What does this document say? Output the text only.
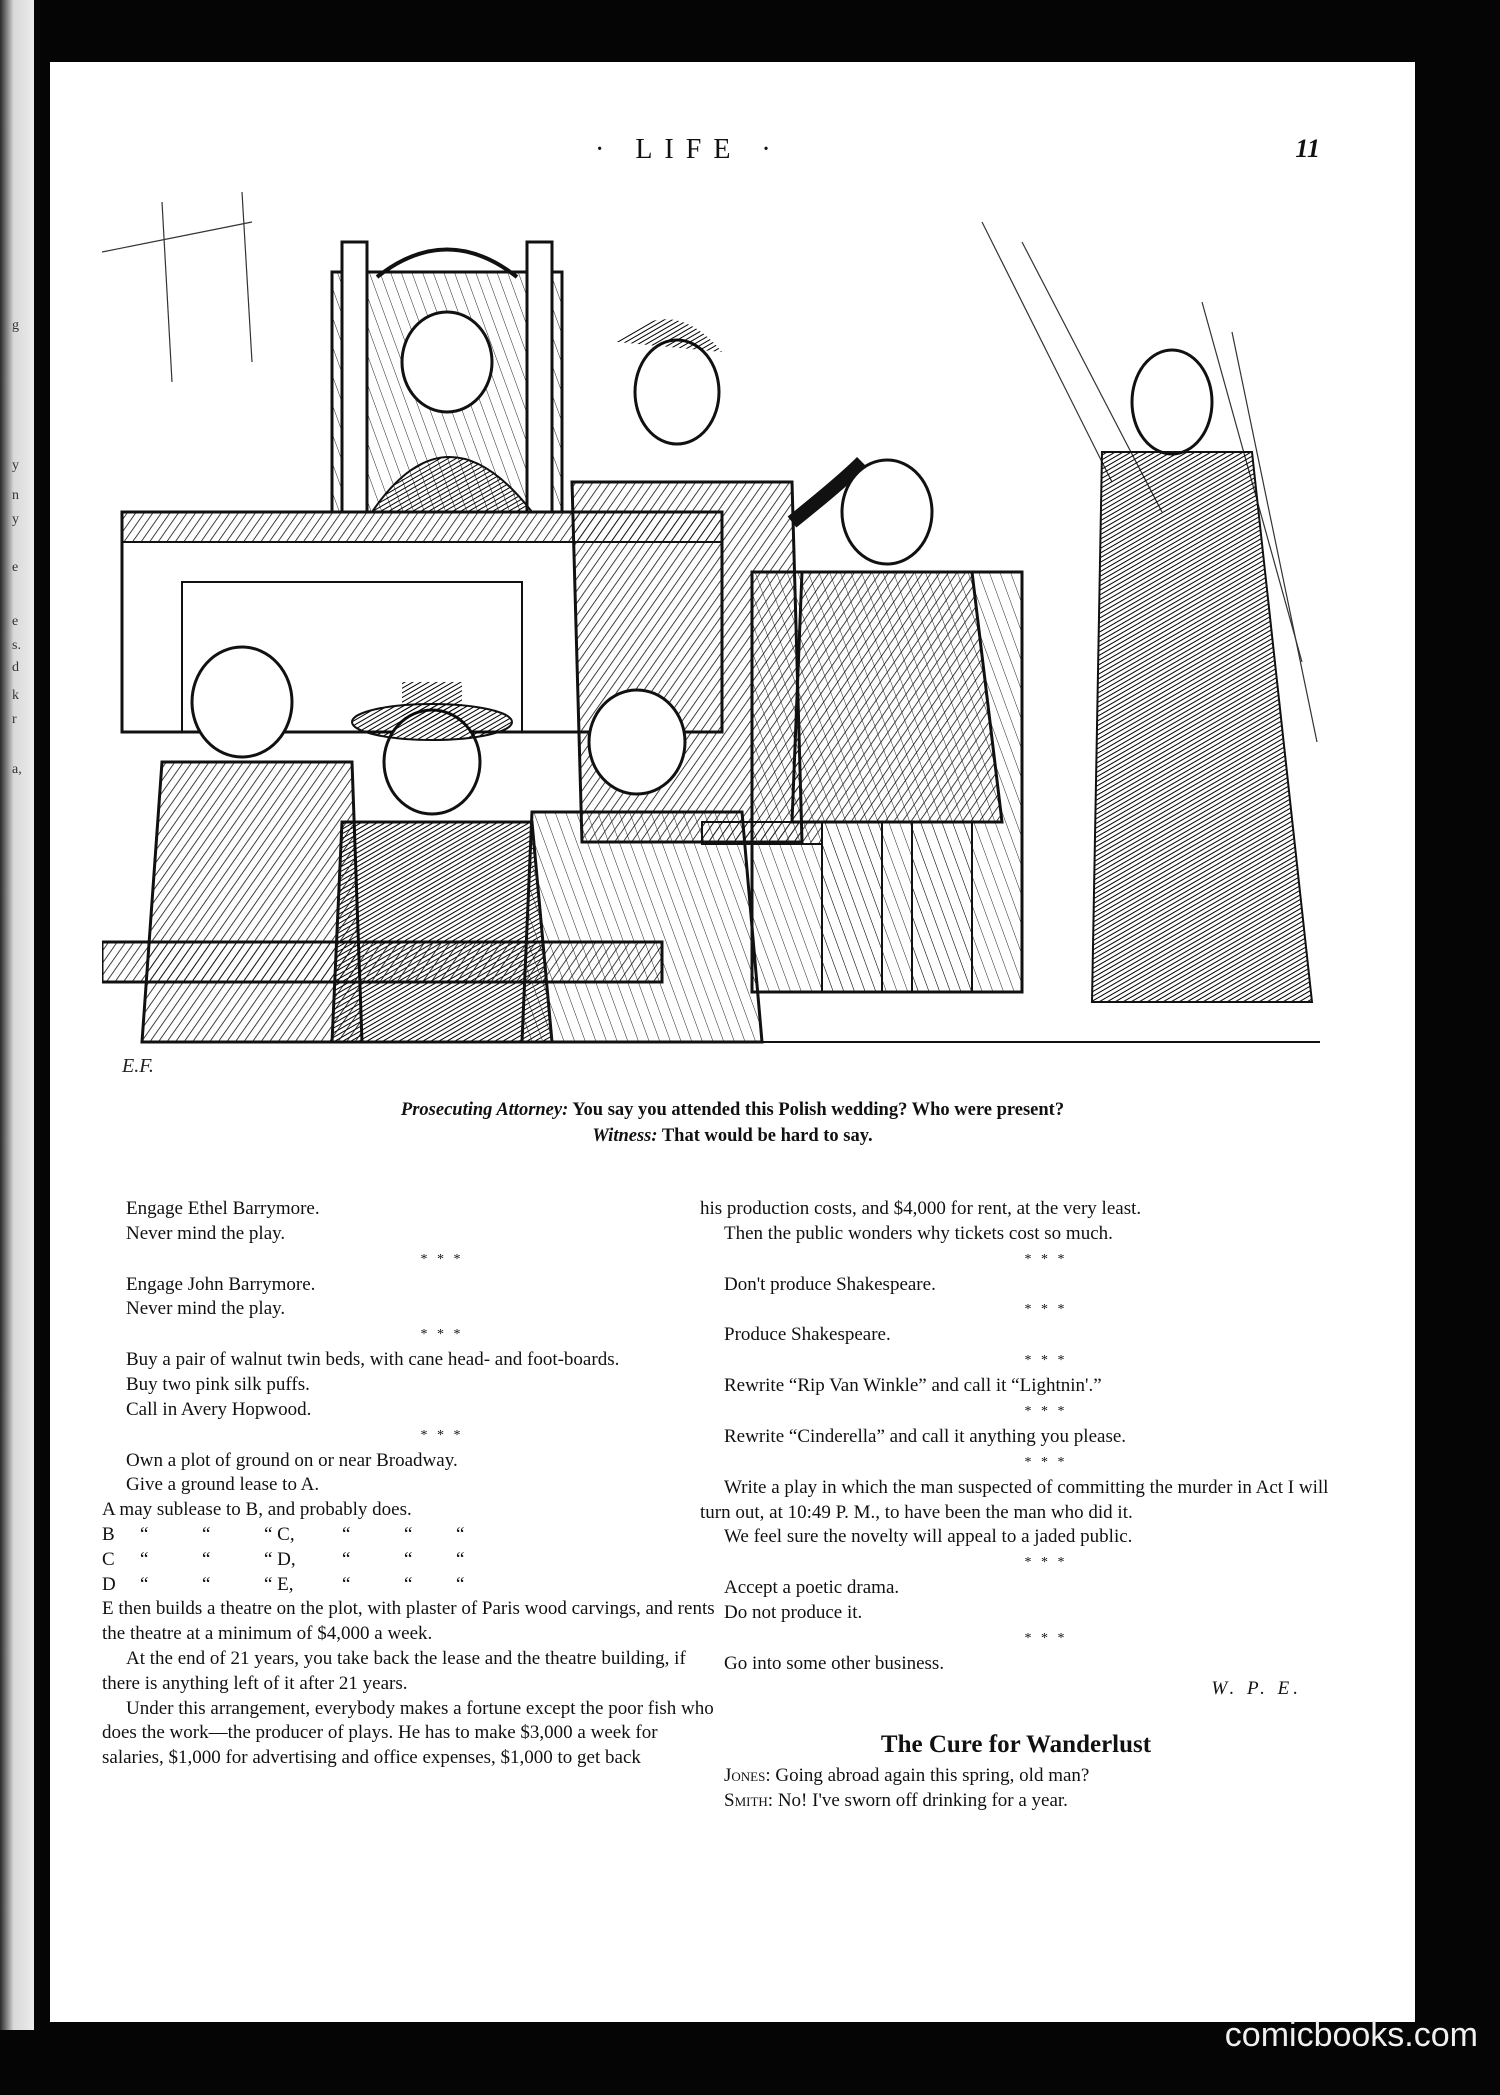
g
y
n
y
e
e
s.
d
k
r
a,
· LIFE ·	11
E.F.
Prosecuting Attorney: You say you attended this Polish wedding? Who were present?
Witness: That would be hard to say.

Engage Ethel Barrymore.

Never mind the play.

* * *

Engage John Barrymore.

Never mind the play.

* * *

Buy a pair of walnut twin beds, with cane head- and foot-boards.

Buy two pink silk puffs.

Call in Avery Hopwood.

* * *

Own a plot of ground on or near Broadway.

Give a ground lease to A.

A may sublease to B, and probably does.

B	“	“	“ C,	“	“	“
C	“	“	“ D,	“	“	“
D	“	“	“ E,	“	“	“

E then builds a theatre on the plot, with plaster of Paris wood carvings, and rents the theatre at a minimum of $4,000 a week.

At the end of 21 years, you take back the lease and the theatre building, if there is anything left of it after 21 years.

Under this arrangement, everybody makes a fortune except the poor fish who does the work—the producer of plays. He has to make $3,000 a week for salaries, $1,000 for advertising and office expenses, $1,000 to get back

his production costs, and $4,000 for rent, at the very least.

Then the public wonders why tickets cost so much.

* * *

Don't produce Shakespeare.

* * *

Produce Shakespeare.

* * *

Rewrite “Rip Van Winkle” and call it “Lightnin'.”

* * *

Rewrite “Cinderella” and call it anything you please.

* * *

Write a play in which the man suspected of committing the murder in Act I will turn out, at 10:49 P. M., to have been the man who did it.

We feel sure the novelty will appeal to a jaded public.

* * *

Accept a poetic drama.

Do not produce it.

* * *

Go into some other business.

W. P. E.

The Cure for Wanderlust

Jones: Going abroad again this spring, old man?

Smith: No! I've sworn off drinking for a year.

comicbooks.com
